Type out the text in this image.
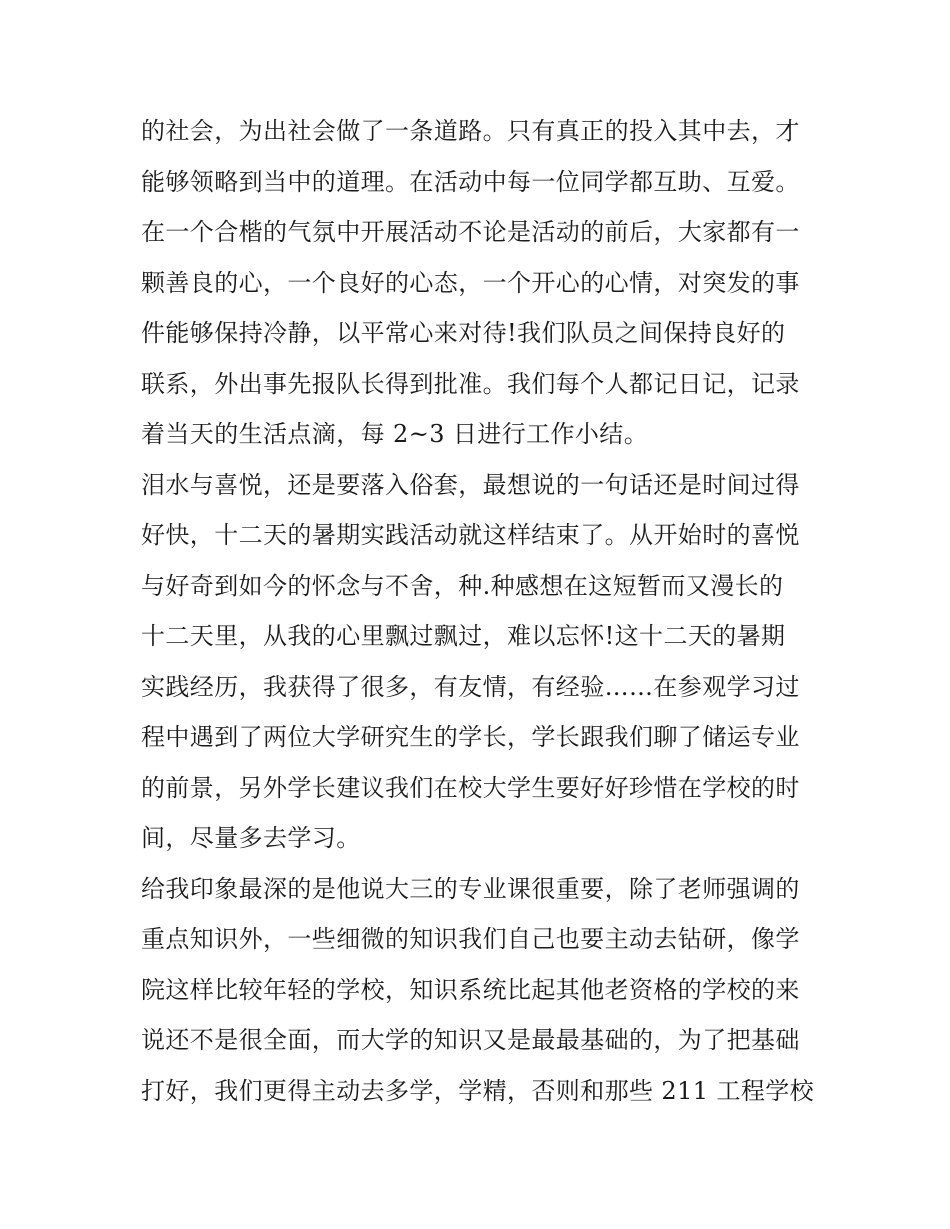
的社会，为出社会做了一条道路。只有真正的投入其中去，才
能够领略到当中的道理。在活动中每一位同学都互助、互爱。
在一个合楷的气氛中开展活动不论是活动的前后，大家都有一
颗善良的心，一个良好的心态，一个开心的心情，对突发的事
件能够保持冷静，以平常心来对待!我们队员之间保持良好的
联系，外出事先报队长得到批准。我们每个人都记日记，记录
着当天的生活点滴，每 2~3 日进行工作小结。
泪水与喜悦，还是要落入俗套，最想说的一句话还是时间过得
好快，十二天的暑期实践活动就这样结束了。从开始时的喜悦
与好奇到如今的怀念与不舍，种.种感想在这短暂而又漫长的
十二天里，从我的心里飘过飘过，难以忘怀!这十二天的暑期
实践经历，我获得了很多，有友情，有经验……在参观学习过
程中遇到了两位大学研究生的学长，学长跟我们聊了储运专业
的前景，另外学长建议我们在校大学生要好好珍惜在学校的时
间，尽量多去学习。
给我印象最深的是他说大三的专业课很重要，除了老师强调的
重点知识外，一些细微的知识我们自己也要主动去钻研，像学
院这样比较年轻的学校，知识系统比起其他老资格的学校的来
说还不是很全面，而大学的知识又是最最基础的，为了把基础
打好，我们更得主动去多学，学精，否则和那些 211 工程学校
